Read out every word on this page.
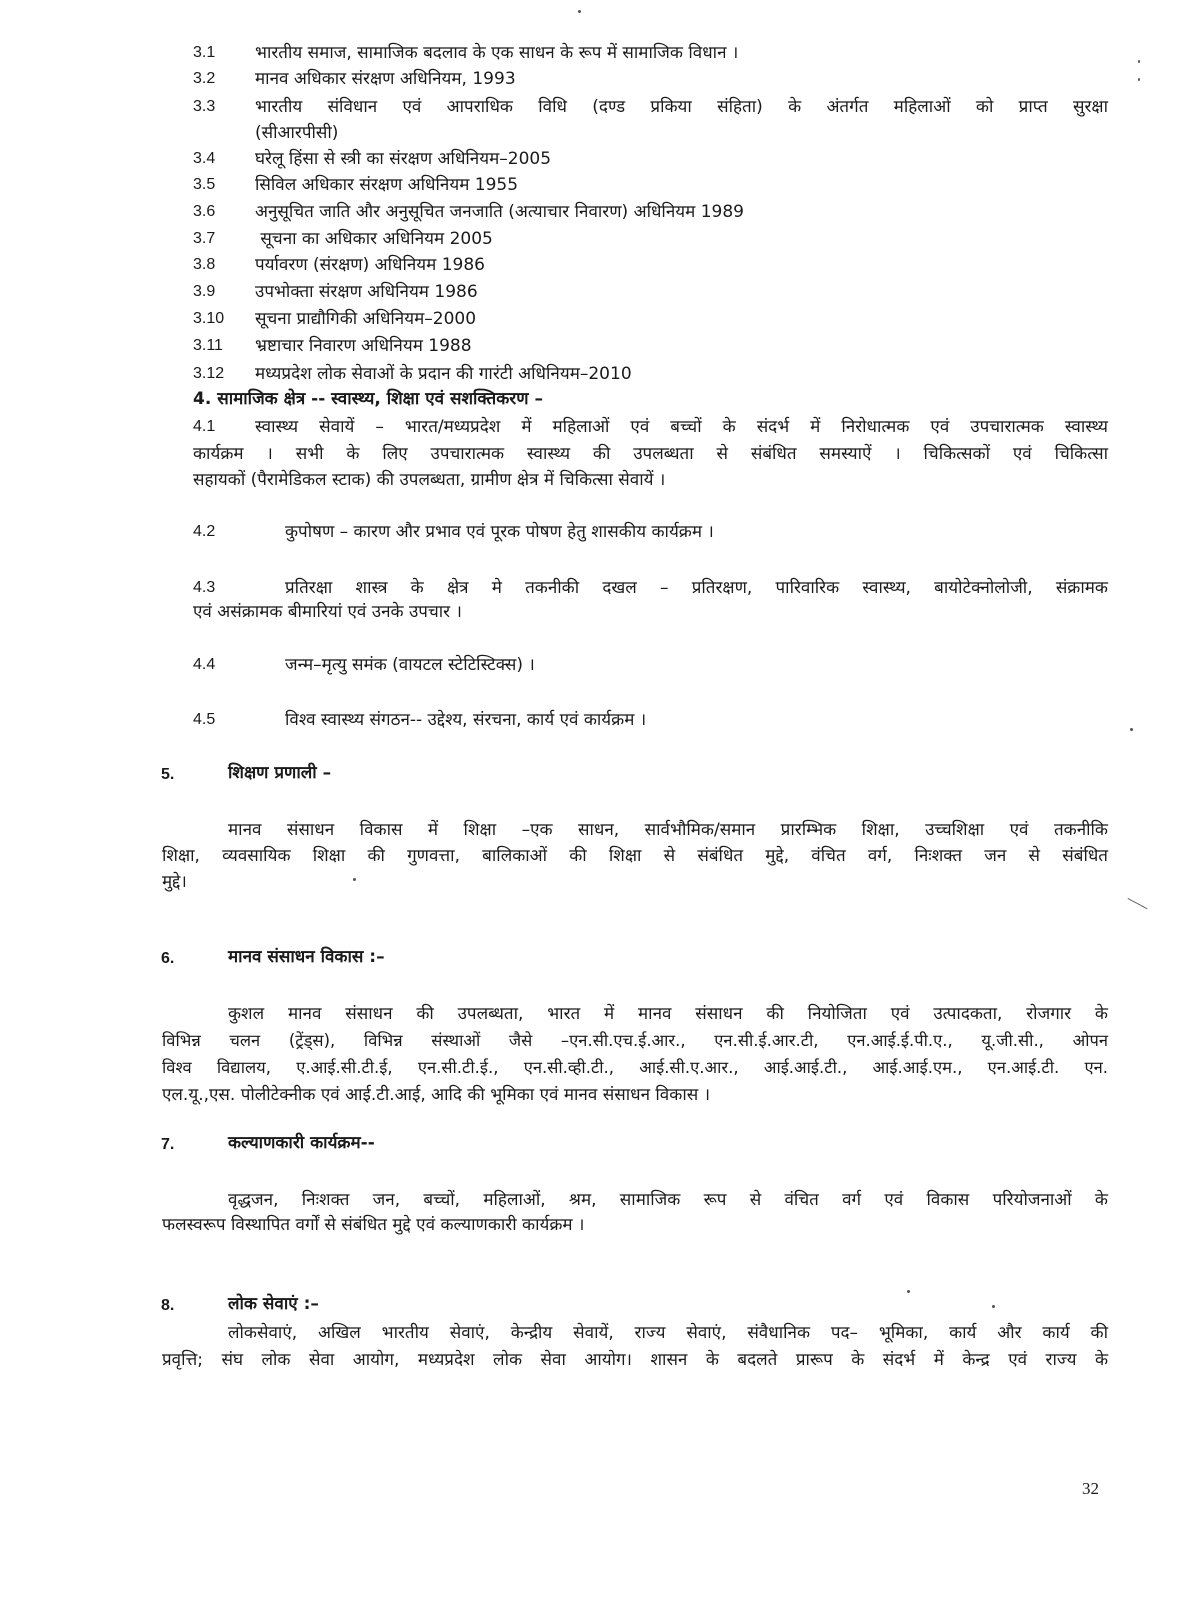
3.1 भारतीय समाज, सामाजिक बदलाव के एक साधन के रूप में सामाजिक विधान ।
3.2 मानव अधिकार संरक्षण अधिनियम, 1993
3.3 भारतीय संविधान एवं आपराधिक विधि (दण्ड प्रकिया संहिता) के अंतर्गत महिलाओं को प्राप्त सुरक्षा
(सीआरपीसी)
3.4 घरेलू हिंसा से स्त्री का संरक्षण अधिनियम–2005
3.5 सिविल अधिकार संरक्षण अधिनियम 1955
3.6 अनुसूचित जाति और अनुसूचित जनजाति (अत्याचार निवारण) अधिनियम 1989
3.7 सूचना का अधिकार अधिनियम 2005
3.8 पर्यावरण (संरक्षण) अधिनियम 1986
3.9 उपभोक्ता संरक्षण अधिनियम 1986
3.10 सूचना प्राद्यौगिकी अधिनियम–2000
3.11 भ्रष्टाचार निवारण अधिनियम 1988
3.12 मध्यप्रदेश लोक सेवाओं के प्रदान की गारंटी अधिनियम–2010
4. सामाजिक क्षेत्र -- स्वास्थ्य, शिक्षा एवं सशक्तिकरण –
4.1 स्वास्थ्य सेवायें – भारत/मध्यप्रदेश में महिलाओं एवं बच्चों के संदर्भ में निरोधात्मक एवं उपचारात्मक स्वास्थ्य
कार्यक्रम । सभी के लिए उपचारात्मक स्वास्थ्य की उपलब्धता से संबंधित समस्याऐं । चिकित्सकों एवं चिकित्सा
सहायकों (पैरामेडिकल स्टाक) की उपलब्धता, ग्रामीण क्षेत्र में चिकित्सा सेवायें ।
4.2	कुपोषण – कारण और प्रभाव एवं पूरक पोषण हेतु शासकीय कार्यक्रम ।
4.3	प्रतिरक्षा शास्त्र के क्षेत्र मे तकनीकी दखल – प्रतिरक्षण, पारिवारिक स्वास्थ्य, बायोटेक्नोलोजी, संक्रामक
एवं असंक्रामक बीमारियां एवं उनके उपचार ।
4.4	जन्म–मृत्यु समंक (वायटल स्टेटिस्टिक्स) ।
4.5	विश्व स्वास्थ्य संगठन-- उद्देश्य, संरचना, कार्य एवं कार्यक्रम ।
5.	शिक्षण प्रणाली –
मानव संसाधन विकास में शिक्षा –एक साधन, सार्वभौमिक/समान प्रारम्भिक शिक्षा, उच्चशिक्षा एवं तकनीकि
शिक्षा, व्यवसायिक शिक्षा की गुणवत्ता, बालिकाओं की शिक्षा से संबंधित मुद्दे, वंचित वर्ग, निःशक्त जन से संबंधित
मुद्दे।
6.	मानव संसाधन विकास :–
कुशल मानव संसाधन की उपलब्धता, भारत में मानव संसाधन की नियोजिता एवं उत्पादकता, रोजगार के
विभिन्न चलन (ट्रेंड्स), विभिन्न संस्थाओं जैसे –एन.सी.एच.ई.आर., एन.सी.ई.आर.टी, एन.आई.ई.पी.ए., यू.जी.सी., ओपन
विश्व विद्यालय, ए.आई.सी.टी.ई, एन.सी.टी.ई., एन.सी.व्ही.टी., आई.सी.ए.आर., आई.आई.टी., आई.आई.एम., एन.आई.टी. एन.
एल.यू.,एस. पोलीटेक्नीक एवं आई.टी.आई, आदि की भूमिका एवं मानव संसाधन विकास ।
7.	कल्याणकारी कार्यक्रम--
वृद्धजन, निःशक्त जन, बच्चों, महिलाओं, श्रम, सामाजिक रूप से वंचित वर्ग एवं विकास परियोजनाओं के
फलस्वरूप विस्थापित वर्गों से संबंधित मुद्दे एवं कल्याणकारी कार्यक्रम ।
8.	लोक सेवाएं :–
लोकसेवाएं, अखिल भारतीय सेवाएं, केन्द्रीय सेवायें, राज्य सेवाएं, संवैधानिक पद– भूमिका, कार्य और कार्य की
प्रवृत्ति; संघ लोक सेवा आयोग, मध्यप्रदेश लोक सेवा आयोग। शासन के बदलते प्रारूप के संदर्भ में केन्द्र एवं राज्य के
32
